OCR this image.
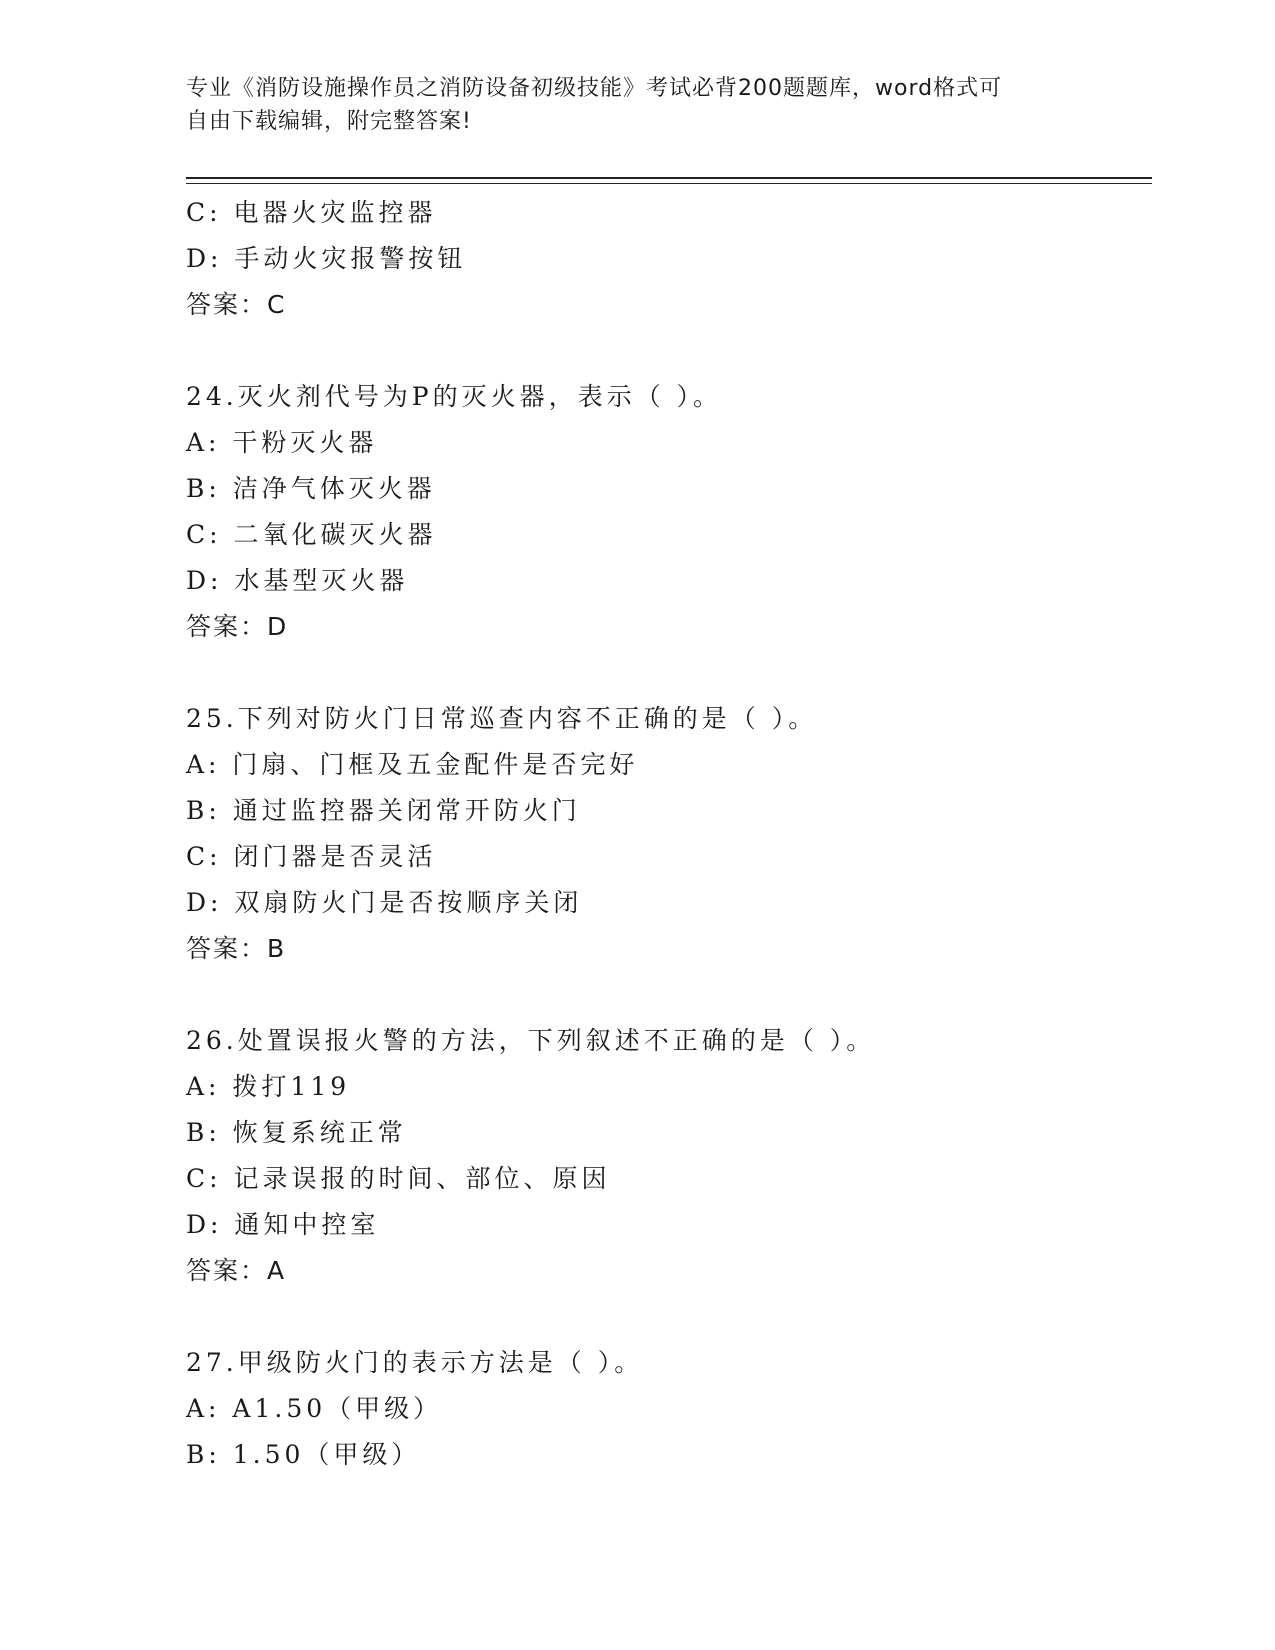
专业《消防设施操作员之消防设备初级技能》考试必背200题题库，word格式可
自由下载编辑，附完整答案!
C: 电器火灾监控器
D: 手动火灾报警按钮
答案：C
24.灭火剂代号为P的灭火器，表示（ ）。
A: 干粉灭火器
B: 洁净气体灭火器
C: 二氧化碳灭火器
D: 水基型灭火器
答案：D
25.下列对防火门日常巡查内容不正确的是（ ）。
A: 门扇、门框及五金配件是否完好
B: 通过监控器关闭常开防火门
C: 闭门器是否灵活
D: 双扇防火门是否按顺序关闭
答案：B
26.处置误报火警的方法，下列叙述不正确的是（ ）。
A: 拨打119
B: 恢复系统正常
C: 记录误报的时间、部位、原因
D: 通知中控室
答案：A
27.甲级防火门的表示方法是（ ）。
A: A1.50（甲级）
B: 1.50（甲级）
